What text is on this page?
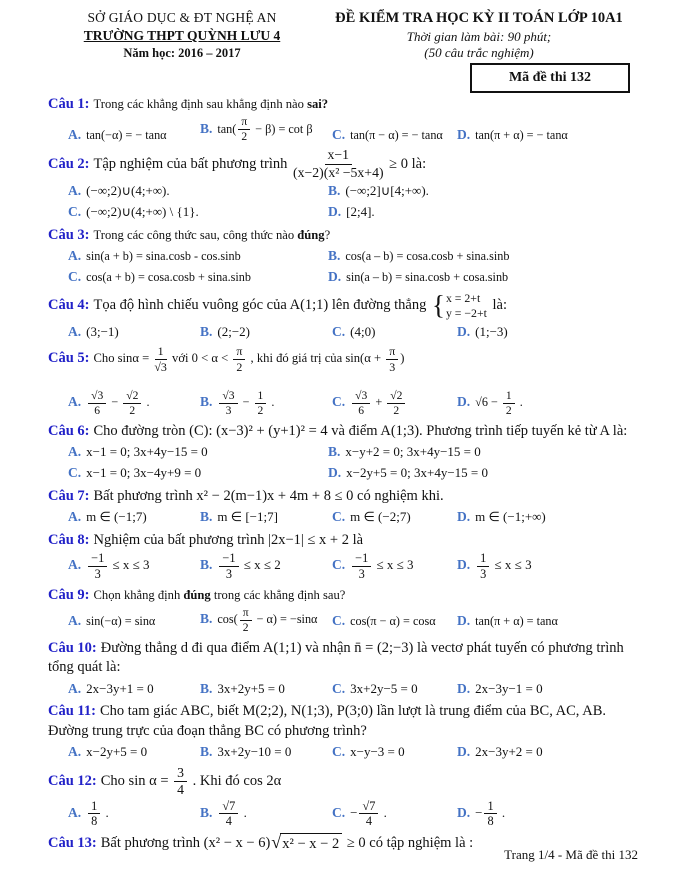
SỞ GIÁO DỤC & ĐT NGHỆ AN
TRƯỜNG THPT QUỲNH LƯU 4
Năm học: 2016 – 2017
ĐỀ KIỂM TRA HỌC KỲ II TOÁN LỚP 10A1
Thời gian làm bài: 90 phút;
(50 câu trắc nghiệm)
Mã đề thi 132
Câu 1: Trong các khẳng định sau khẳng định nào sai?
A. tan(−α) = − tanα	B. $\tan( \frac{\pi}{2} - \beta) = \cot \beta$	C. tan(π − α) = − tanα	D. tan(π + α) = − tanα
Câu 2: Tập nghiệm của bất phương trình $\frac{x-1}{\text{(x−2)(x² −5x+4)}} \ge 0$ là:
A. (−∞;2)∪(4;+∞).	B. (−∞;2]∪[4;+∞).
C. (−∞;2)∪(4;+∞) \ {1}.	D. [2;4].
Câu 3: Trong các công thức sau, công thức nào đúng?
A. sin(a + b) = sina.cosb - cos.sinb	B. cos(a – b) = cosa.cosb + sina.sinb
C. cos(a + b) = cosa.cosb + sina.sinb	D. sin(a – b) = sina.cosb + cosa.sinb
Câu 4: Tọa độ hình chiếu vuông góc của A(1;1) lên đường thẳng { x = 2+t
y = −2+t là:
A. (3;−1)	B. (2;−2)	C. (4;0)	D. (1;−3)
Câu 5: Cho $\sin\alpha = \frac{1}{√3}$ với $0 < \alpha < \frac{\pi}{2}$ , khi đó giá trị của $\sin(\alpha + \frac{\pi}{3}$ )
A. $\frac{√3}{6} - \frac{√2}{2}$ .	B. $\frac{√3}{3} - \frac{1}{2}$ .	C. $\frac{√3}{6} + \frac{√2}{2}$	D. $√6 - \frac{1}{2}$ .
Câu 6: Cho đường tròn (C): (x−3)² + (y+1)² = 4 và điểm A(1;3). Phương trình tiếp tuyến kẻ từ A là:
A. x−1 = 0; 3x+4y−15 = 0	B. x−y+2 = 0; 3x+4y−15 = 0
C. x−1 = 0; 3x−4y+9 = 0	D. x−2y+5 = 0; 3x+4y−15 = 0
Câu 7: Bất phương trình x² − 2(m−1)x + 4m + 8 ≤ 0 có nghiệm khi.
A. m ∈ (−1;7)	B. m ∈ [−1;7]	C. m ∈ (−2;7)	D. m ∈ (−1;+∞)
Câu 8: Nghiệm của bất phương trình |2x−1| ≤ x + 2 là
A. $\frac{-1}{3} \le x \le 3$	B. $\frac{-1}{3} \le x \le 2$	C. $\frac{-1}{3} \le x \le 3$	D. $\frac{1}{3} \le x \le 3$
Câu 9: Chọn khẳng định đúng trong các khẳng định sau?
A. sin(−α) = sinα	B. $\cos( \frac{\pi}{2} - \alpha) = -\sin\alpha$	C. cos(π − α) = cosα	D. tan(π + α) = tanα
Câu 10: Đường thẳng d đi qua điểm A(1;1) và nhận n̄ = (2;−3) là vectơ phát tuyến có phương trình tổng quát là:
A. 2x−3y+1 = 0	B. 3x+2y+5 = 0	C. 3x+2y−5 = 0	D. 2x−3y−1 = 0
Câu 11: Cho tam giác ABC, biết M(2;2), N(1;3), P(3;0) lần lượt là trung điểm của BC, AC, AB. Đường trung trực của đoạn thẳng BC có phương trình?
A. x−2y+5 = 0	B. 3x+2y−10 = 0	C. x−y−3 = 0	D. 2x−3y+2 = 0
Câu 12: Cho $\sin \alpha = \frac{3}{4}$ . Khi đó cos 2α
A. $\frac{1}{8}$ .	B. $\frac{√7}{4}$ .	C. − $\frac{√7}{4}$ .	D. − $\frac{1}{8}$ .
Câu 13: Bất phương trình (x² − x − 6) √ x² − x − 2 ≥ 0 có tập nghiệm là :
Trang 1/4 - Mã đề thi 132
